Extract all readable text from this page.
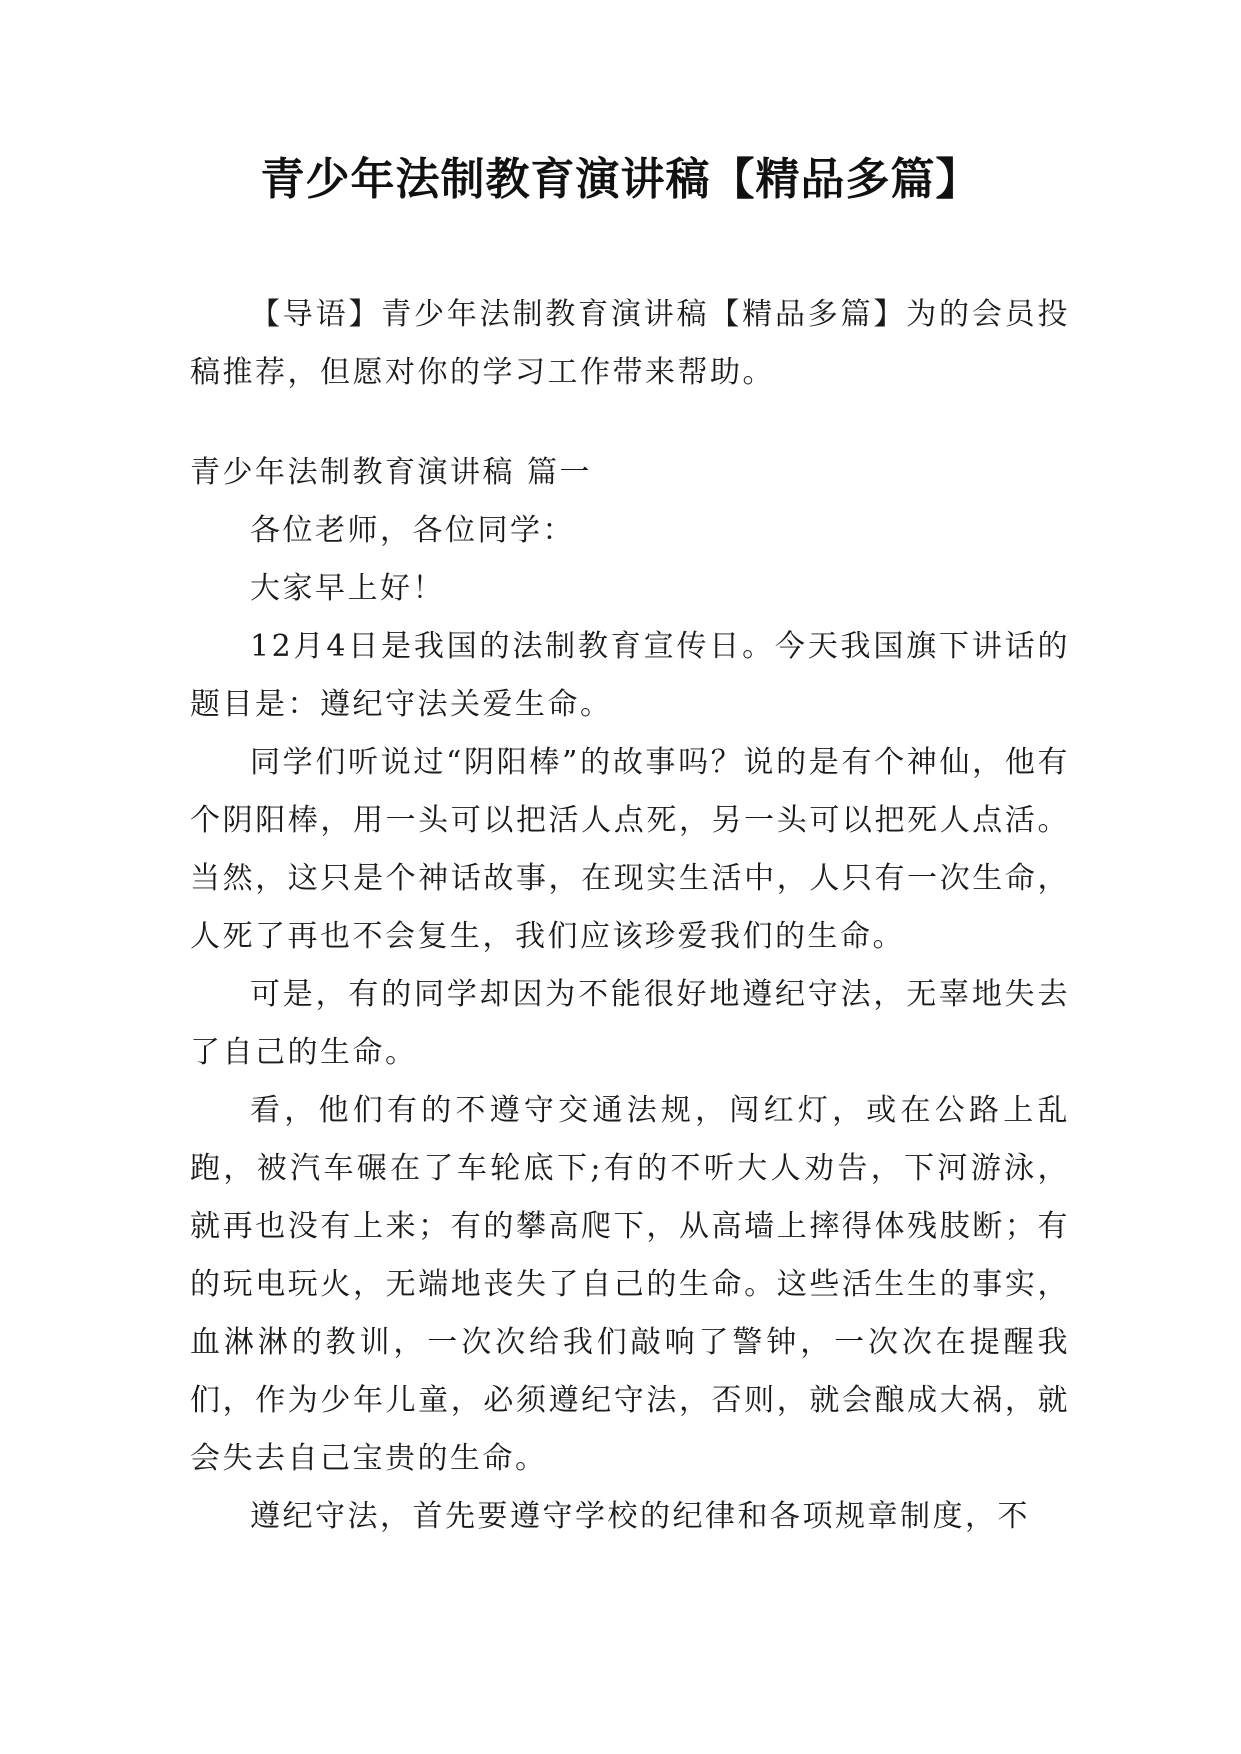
青少年法制教育演讲稿【精品多篇】

【导语】青少年法制教育演讲稿【精品多篇】为的会员投稿推荐，但愿对你的学习工作带来帮助。

青少年法制教育演讲稿 篇一

各位老师，各位同学：

大家早上好！

12月4日是我国的法制教育宣传日。今天我国旗下讲话的题目是：遵纪守法关爱生命。

同学们听说过“阴阳棒”的故事吗？说的是有个神仙，他有个阴阳棒，用一头可以把活人点死，另一头可以把死人点活。当然，这只是个神话故事，在现实生活中，人只有一次生命，人死了再也不会复生，我们应该珍爱我们的生命。

可是，有的同学却因为不能很好地遵纪守法，无辜地失去了自己的生命。

看，他们有的不遵守交通法规，闯红灯，或在公路上乱跑，被汽车碾在了车轮底下;有的不听大人劝告，下河游泳，就再也没有上来；有的攀高爬下，从高墙上摔得体残肢断；有的玩电玩火，无端地丧失了自己的生命。这些活生生的事实，血淋淋的教训，一次次给我们敲响了警钟，一次次在提醒我们，作为少年儿童，必须遵纪守法，否则，就会酿成大祸，就会失去自己宝贵的生命。

遵纪守法，首先要遵守学校的纪律和各项规章制度，不
